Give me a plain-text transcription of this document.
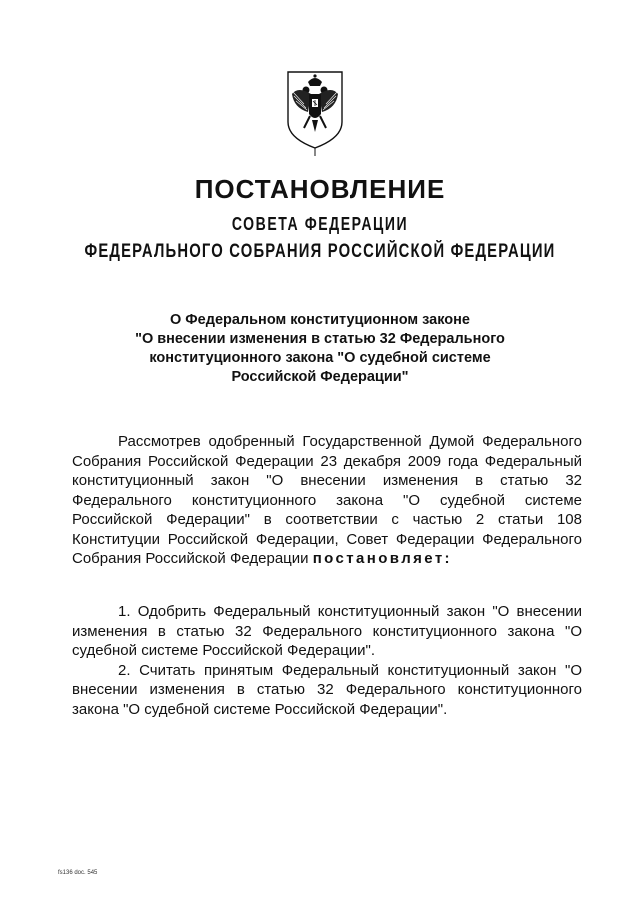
ПОСТАНОВЛЕНИЕ
СОВЕТА ФЕДЕРАЦИИ
ФЕДЕРАЛЬНОГО СОБРАНИЯ РОССИЙСКОЙ ФЕДЕРАЦИИ
О Федеральном конституционном законе
"О внесении изменения в статью 32 Федерального
конституционного закона "О судебной системе
Российской Федерации"

Рассмотрев одобренный Государственной Думой Федерального Собрания Российской Федерации 23 декабря 2009 года Федеральный конституционный закон "О внесении изменения в статью 32 Федерального конституционного закона "О судебной системе Российской Федерации" в соответствии с частью 2 статьи 108 Конституции Российской Федерации, Совет Федерации Федерального Собрания Российской Федерации постановляет:

1. Одобрить Федеральный конституционный закон "О внесении изменения в статью 32 Федерального конституционного закона "О судебной системе Российской Федерации".

2. Считать принятым Федеральный конституционный закон "О внесении изменения в статью 32 Федерального конституционного закона "О судебной системе Российской Федерации".

fs136 doc. 545
